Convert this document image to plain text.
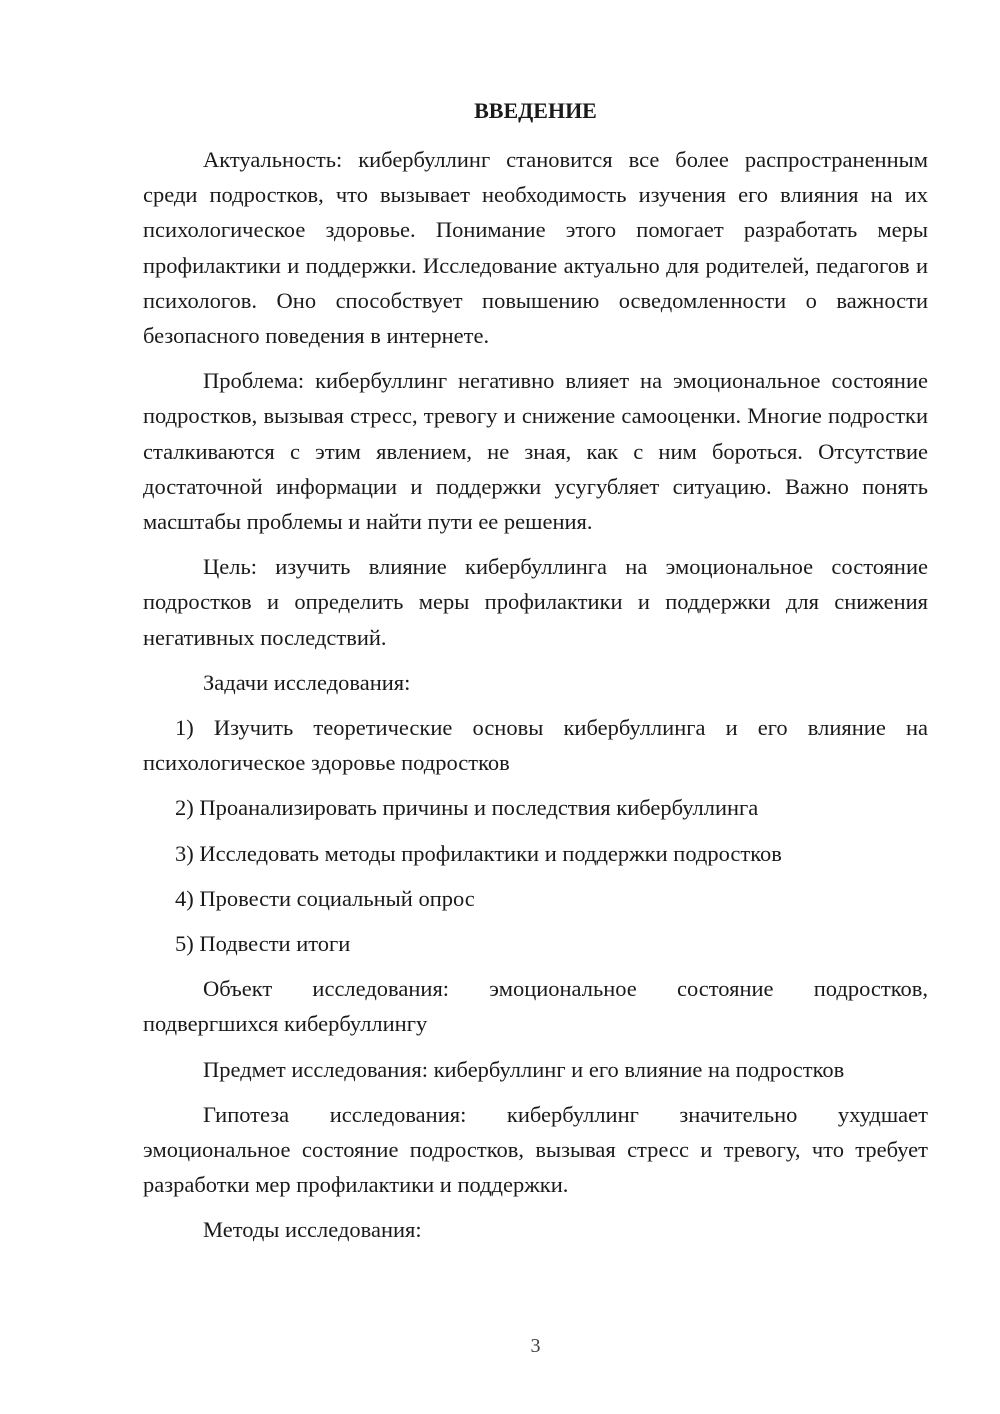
ВВЕДЕНИЕ

Актуальность: кибербуллинг становится все более распространенным среди подростков, что вызывает необходимость изучения его влияния на их психологическое здоровье. Понимание этого помогает разработать меры профилактики и поддержки. Исследование актуально для родителей, педагогов и психологов. Оно способствует повышению осведомленности о важности безопасного поведения в интернете.

Проблема: кибербуллинг негативно влияет на эмоциональное состояние подростков, вызывая стресс, тревогу и снижение самооценки. Многие подростки сталкиваются с этим явлением, не зная, как с ним бороться. Отсутствие достаточной информации и поддержки усугубляет ситуацию. Важно понять масштабы проблемы и найти пути ее решения.

Цель: изучить влияние кибербуллинга на эмоциональное состояние подростков и определить меры профилактики и поддержки для снижения негативных последствий.

Задачи исследования:

1) Изучить теоретические основы кибербуллинга и его влияние на психологическое здоровье подростков

2) Проанализировать причины и последствия кибербуллинга

3) Исследовать методы профилактики и поддержки подростков

4) Провести социальный опрос

5) Подвести итоги

Объект исследования: эмоциональное состояние подростков, подвергшихся кибербуллингу

Предмет исследования: кибербуллинг и его влияние на подростков

Гипотеза исследования: кибербуллинг значительно ухудшает эмоциональное состояние подростков, вызывая стресс и тревогу, что требует разработки мер профилактики и поддержки.

Методы исследования:

3
